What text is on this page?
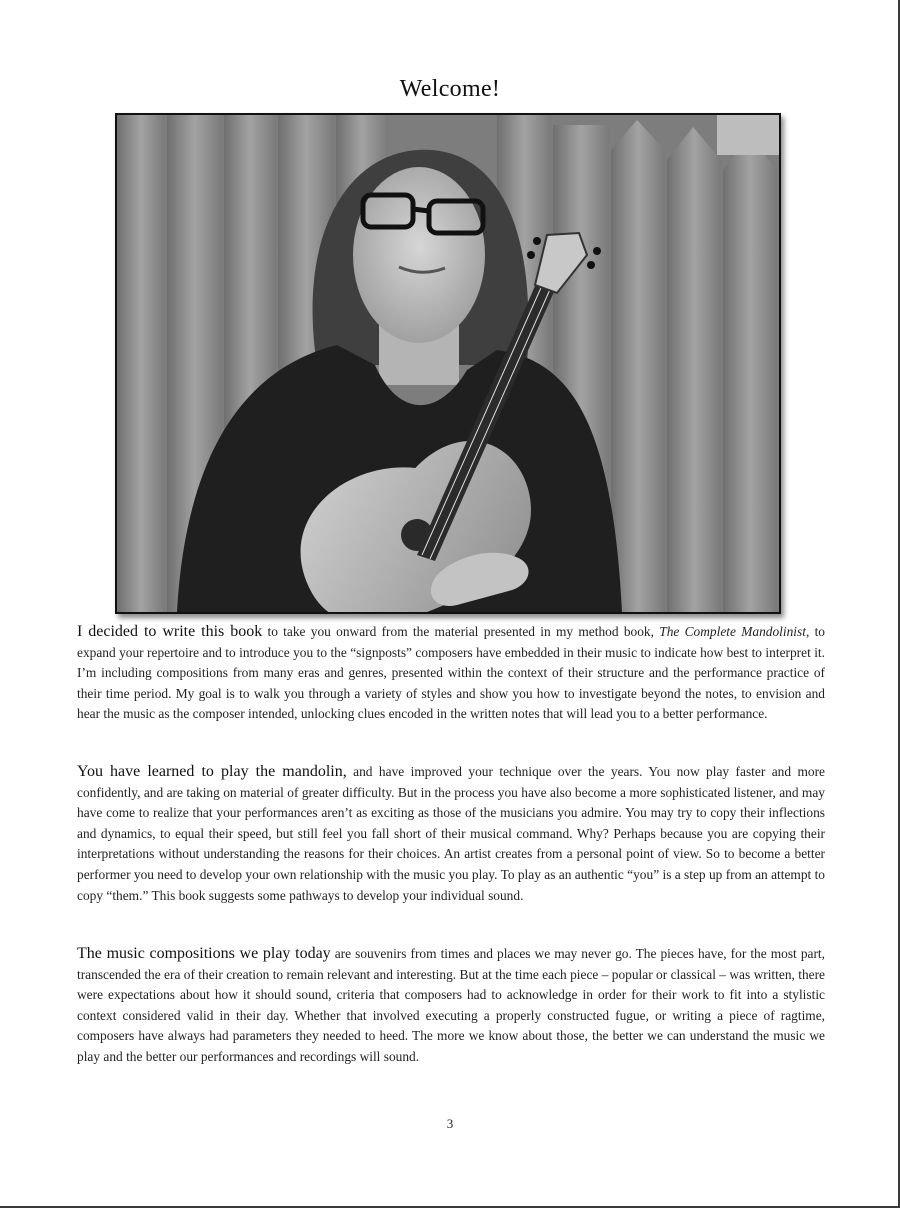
Welcome!
I decided to write this book to take you onward from the material presented in my method book, The Complete Mandolinist, to expand your repertoire and to introduce you to the “signposts” composers have embedded in their music to indicate how best to interpret it. I’m including compositions from many eras and genres, presented within the context of their structure and the performance practice of their time period. My goal is to walk you through a variety of styles and show you how to investigate beyond the notes, to envision and hear the music as the composer intended, unlocking clues encoded in the written notes that will lead you to a better performance.
You have learned to play the mandolin, and have improved your technique over the years. You now play faster and more confidently, and are taking on material of greater difficulty. But in the process you have also become a more sophisticated listener, and may have come to realize that your performances aren’t as exciting as those of the musicians you admire. You may try to copy their inflections and dynamics, to equal their speed, but still feel you fall short of their musical command. Why? Perhaps because you are copying their interpretations without understanding the reasons for their choices. An artist creates from a personal point of view. So to become a better performer you need to develop your own relationship with the music you play. To play as an authentic “you” is a step up from an attempt to copy “them.” This book suggests some pathways to develop your individual sound.
The music compositions we play today are souvenirs from times and places we may never go. The pieces have, for the most part, transcended the era of their creation to remain relevant and interesting. But at the time each piece – popular or classical – was written, there were expectations about how it should sound, criteria that composers had to acknowledge in order for their work to fit into a stylistic context considered valid in their day. Whether that involved executing a properly constructed fugue, or writing a piece of ragtime, composers have always had parameters they needed to heed. The more we know about those, the better we can understand the music we play and the better our performances and recordings will sound.
3
